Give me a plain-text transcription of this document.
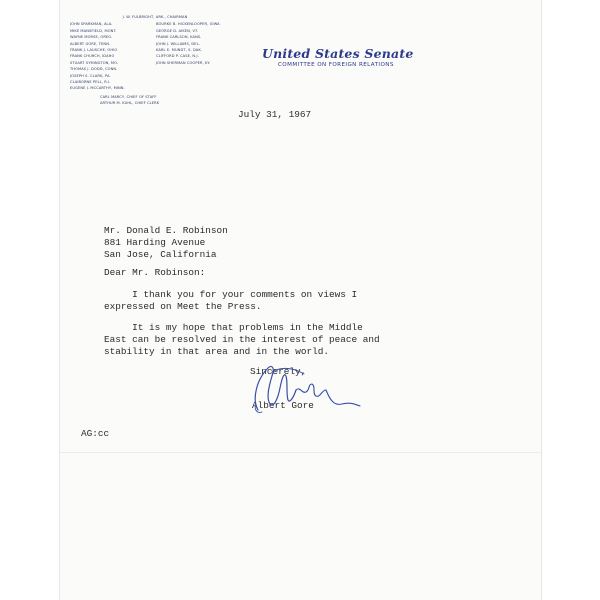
J. W. FULBRIGHT, ARK., CHAIRMAN
JOHN SPARKMAN, ALA.
MIKE MANSFIELD, MONT.
WAYNE MORSE, OREG.
ALBERT GORE, TENN.
FRANK J. LAUSCHE, OHIO
FRANK CHURCH, IDAHO
STUART SYMINGTON, MO.
THOMAS J. DODD, CONN.
JOSEPH S. CLARK, PA.
CLAIBORNE PELL, R.I.
EUGENE J. MCCARTHY, MINN.
BOURKE B. HICKENLOOPER, IOWA
GEORGE D. AIKEN, VT.
FRANK CARLSON, KANS.
JOHN J. WILLIAMS, DEL.
KARL E. MUNDT, S. DAK.
CLIFFORD P. CASE, N.J.
JOHN SHERMAN COOPER, KY.
CARL MARCY, CHIEF OF STAFF
ARTHUR M. KUHL, CHIEF CLERK
United States Senate
COMMITTEE ON FOREIGN RELATIONS
July 31, 1967
Mr. Donald E. Robinson
881 Harding Avenue
San Jose, California
Dear Mr. Robinson:
I thank you for your comments on views I
expressed on Meet the Press.
It is my hope that problems in the Middle
East can be resolved in the interest of peace and
stability in that area and in the world.
Sincerely,
Albert Gore
AG:cc
